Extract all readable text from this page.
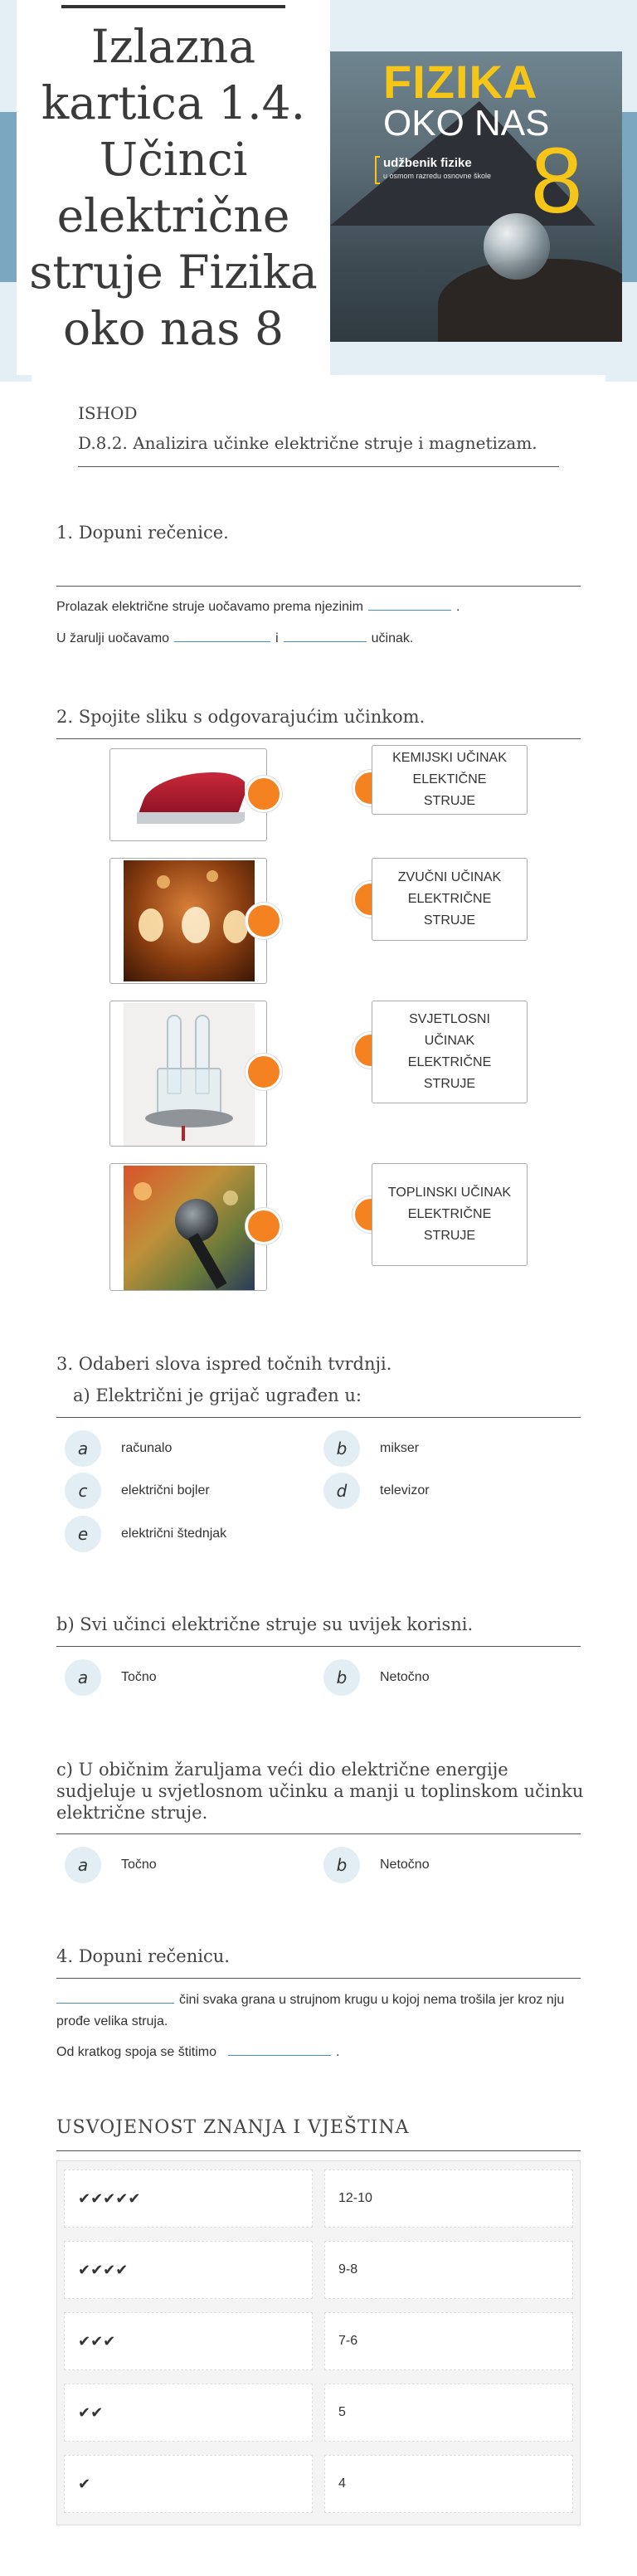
Izlazna kartica 1.4. Učinci električne struje Fizika oko nas 8
FIZIKA
OKO NAS
udžbenik fizike
u osmom razredu osnovne škole 8
ISHOD
D.8.2. Analizira učinke električne struje i magnetizam.
1. Dopuni rečenice.
Prolazak električne struje uočavamo prema njezinim	.
U žarulji uočavamo	i	učinak.
2. Spojite sliku s odgovarajućim učinkom.
KEMIJSKI UČINAK ELEKTIČNE STRUJE
ZVUČNI UČINAK ELEKTRIČNE STRUJE
SVJETLOSNI UČINAK ELEKTRIČNE STRUJE
TOPLINSKI UČINAK ELEKTRIČNE STRUJE
3. Odaberi slova ispred točnih tvrdnji.
a) Električni je grijač ugrađen u:
a	računalo	b	mikser
c	električni bojler	d	televizor
e	električni štednjak
b) Svi učinci električne struje su uvijek korisni.
a	Točno	b	Netočno
c) U običnim žaruljama veći dio električne energije sudjeluje u svjetlosnom učinku a manji u toplinskom učinku električne struje.
a	Točno	b	Netočno
4. Dopuni rečenicu.
čini svaka grana u strujnom krugu u kojoj nema trošila jer kroz nju prođe velika struja.
Od kratkog spoja se štitimo	.
USVOJENOST ZNANJA I VJEŠTINA
✔✔✔✔✔	12-10
✔✔✔✔	9-8
✔✔✔	7-6
✔✔	5
✔	4
